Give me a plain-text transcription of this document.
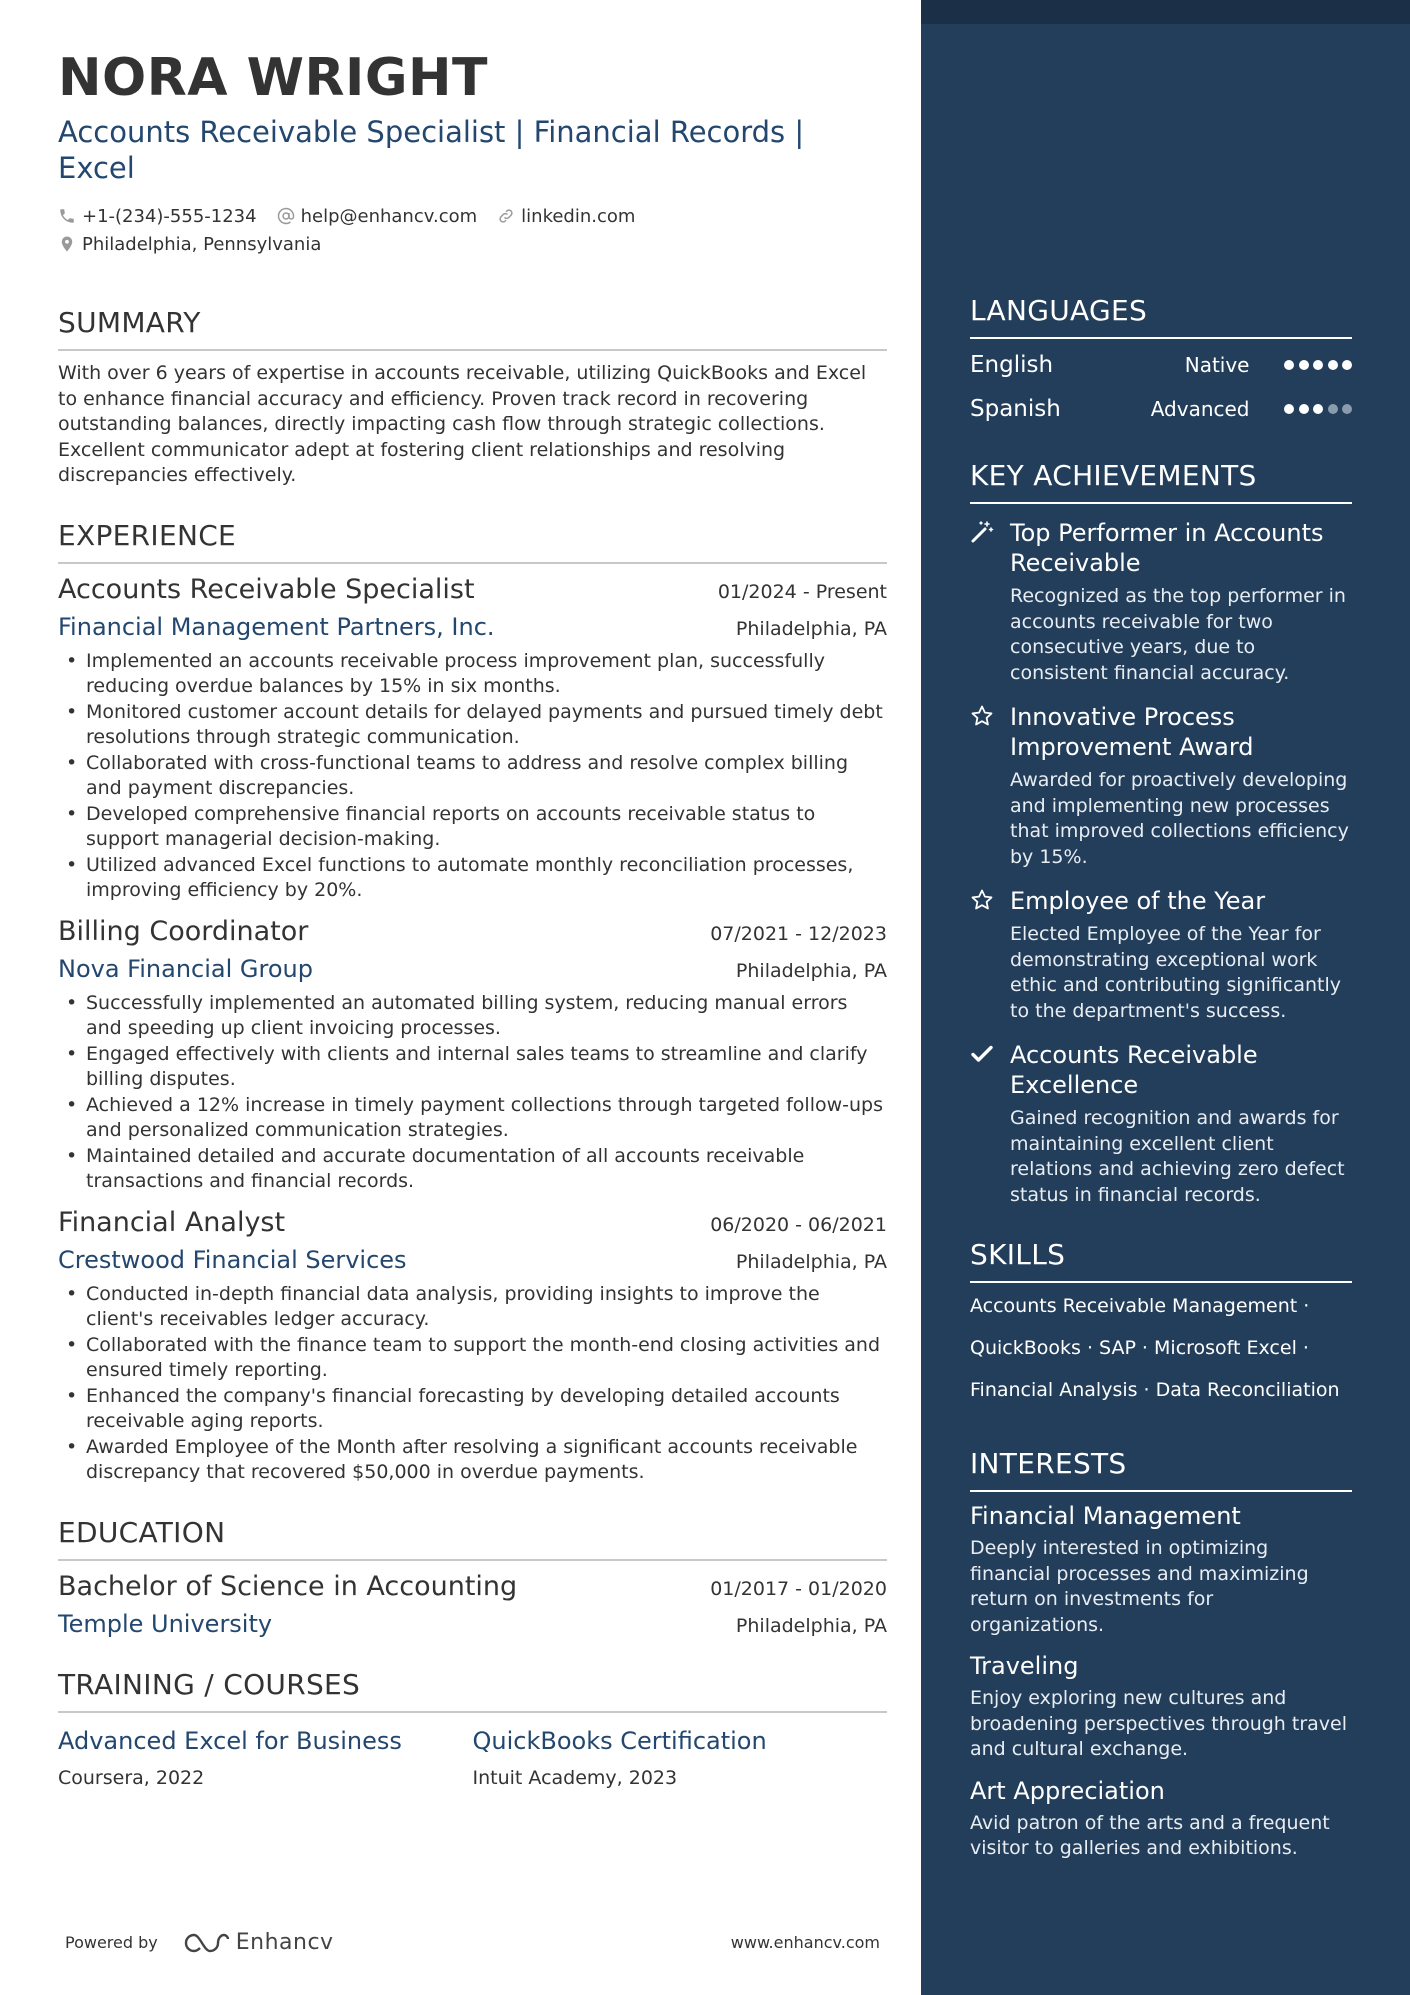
NORA WRIGHT
Accounts Receivable Specialist | Financial Records | Excel
+1-(234)-555-1234 help@enhancv.com linkedin.com
Philadelphia, Pennsylvania
SUMMARY
With over 6 years of expertise in accounts receivable, utilizing QuickBooks and Excel to enhance financial accuracy and efficiency. Proven track record in recovering outstanding balances, directly impacting cash flow through strategic collections. Excellent communicator adept at fostering client relationships and resolving discrepancies effectively.
EXPERIENCE
Accounts Receivable Specialist	01/2024 - Present
Financial Management Partners, Inc.	Philadelphia, PA
• Implemented an accounts receivable process improvement plan, successfully reducing overdue balances by 15% in six months.
• Monitored customer account details for delayed payments and pursued timely debt resolutions through strategic communication.
• Collaborated with cross-functional teams to address and resolve complex billing and payment discrepancies.
• Developed comprehensive financial reports on accounts receivable status to support managerial decision-making.
• Utilized advanced Excel functions to automate monthly reconciliation processes, improving efficiency by 20%.
Billing Coordinator	07/2021 - 12/2023
Nova Financial Group	Philadelphia, PA
• Successfully implemented an automated billing system, reducing manual errors and speeding up client invoicing processes.
• Engaged effectively with clients and internal sales teams to streamline and clarify billing disputes.
• Achieved a 12% increase in timely payment collections through targeted follow-ups and personalized communication strategies.
• Maintained detailed and accurate documentation of all accounts receivable transactions and financial records.
Financial Analyst	06/2020 - 06/2021
Crestwood Financial Services	Philadelphia, PA
• Conducted in-depth financial data analysis, providing insights to improve the client's receivables ledger accuracy.
• Collaborated with the finance team to support the month-end closing activities and ensured timely reporting.
• Enhanced the company's financial forecasting by developing detailed accounts receivable aging reports.
• Awarded Employee of the Month after resolving a significant accounts receivable discrepancy that recovered $50,000 in overdue payments.
EDUCATION
Bachelor of Science in Accounting	01/2017 - 01/2020
Temple University	Philadelphia, PA
TRAINING / COURSES
Advanced Excel for Business
Coursera, 2022
QuickBooks Certification
Intuit Academy, 2023
Powered by	Enhancv	www.enhancv.com
LANGUAGES
English	Native
Spanish	Advanced
KEY ACHIEVEMENTS
Top Performer in Accounts Receivable
Recognized as the top performer in accounts receivable for two consecutive years, due to consistent financial accuracy.
Innovative Process Improvement Award
Awarded for proactively developing and implementing new processes that improved collections efficiency by 15%.
Employee of the Year
Elected Employee of the Year for demonstrating exceptional work ethic and contributing significantly to the department's success.
Accounts Receivable Excellence
Gained recognition and awards for maintaining excellent client relations and achieving zero defect status in financial records.
SKILLS
Accounts Receivable Management ·
QuickBooks · SAP · Microsoft Excel ·
Financial Analysis · Data Reconciliation
INTERESTS
Financial Management
Deeply interested in optimizing financial processes and maximizing return on investments for organizations.
Traveling
Enjoy exploring new cultures and broadening perspectives through travel and cultural exchange.
Art Appreciation
Avid patron of the arts and a frequent visitor to galleries and exhibitions.
